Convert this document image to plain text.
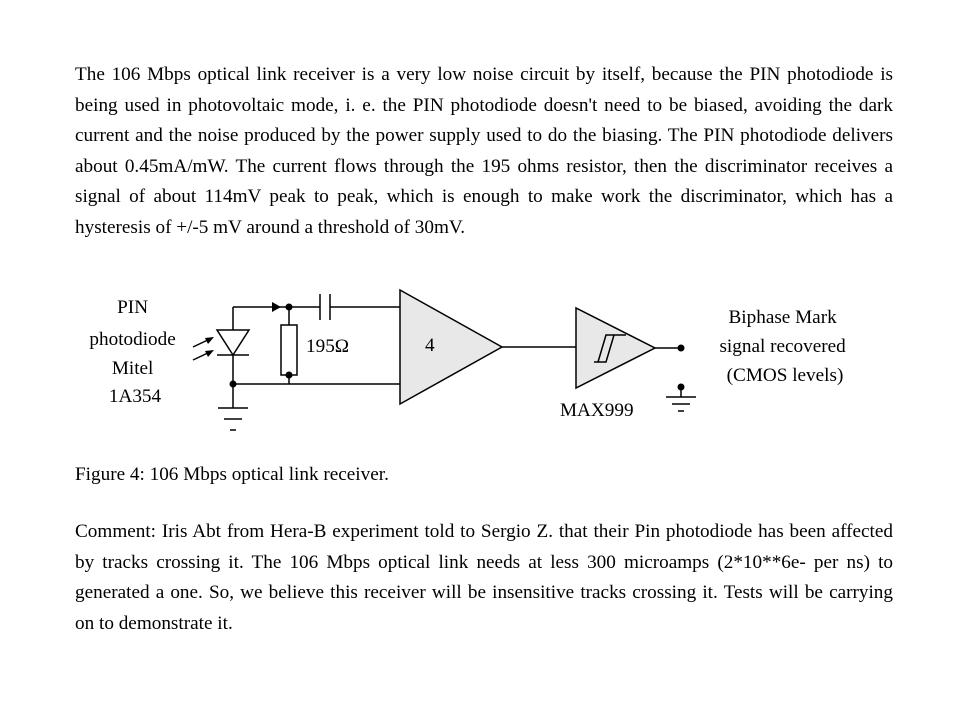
The 106 Mbps optical link receiver is a very low noise circuit by itself, because the PIN photodiode is being used in photovoltaic mode, i. e. the PIN photodiode doesn't need to be biased, avoiding the dark current and the noise produced by the power supply used to do the biasing. The PIN photodiode delivers about 0.45mA/mW. The current flows through the 195 ohms resistor, then the discriminator receives a signal of about 114mV peak to peak, which is enough to make work the discriminator, which has a hysteresis of +/-5 mV around a threshold of 30mV.

PIN photodiode Mitel 1A354
195Ω	4
MAX999
Biphase Mark signal recovered (CMOS levels)

Figure 4: 106 Mbps optical link receiver.

Comment: Iris Abt from Hera-B experiment told to Sergio Z. that their Pin photodiode has been affected by tracks crossing it. The 106 Mbps optical link needs at less 300 microamps (2*10**6e- per ns) to generated a one. So, we believe this receiver will be insensitive tracks crossing it. Tests will be carrying on to demonstrate it.
